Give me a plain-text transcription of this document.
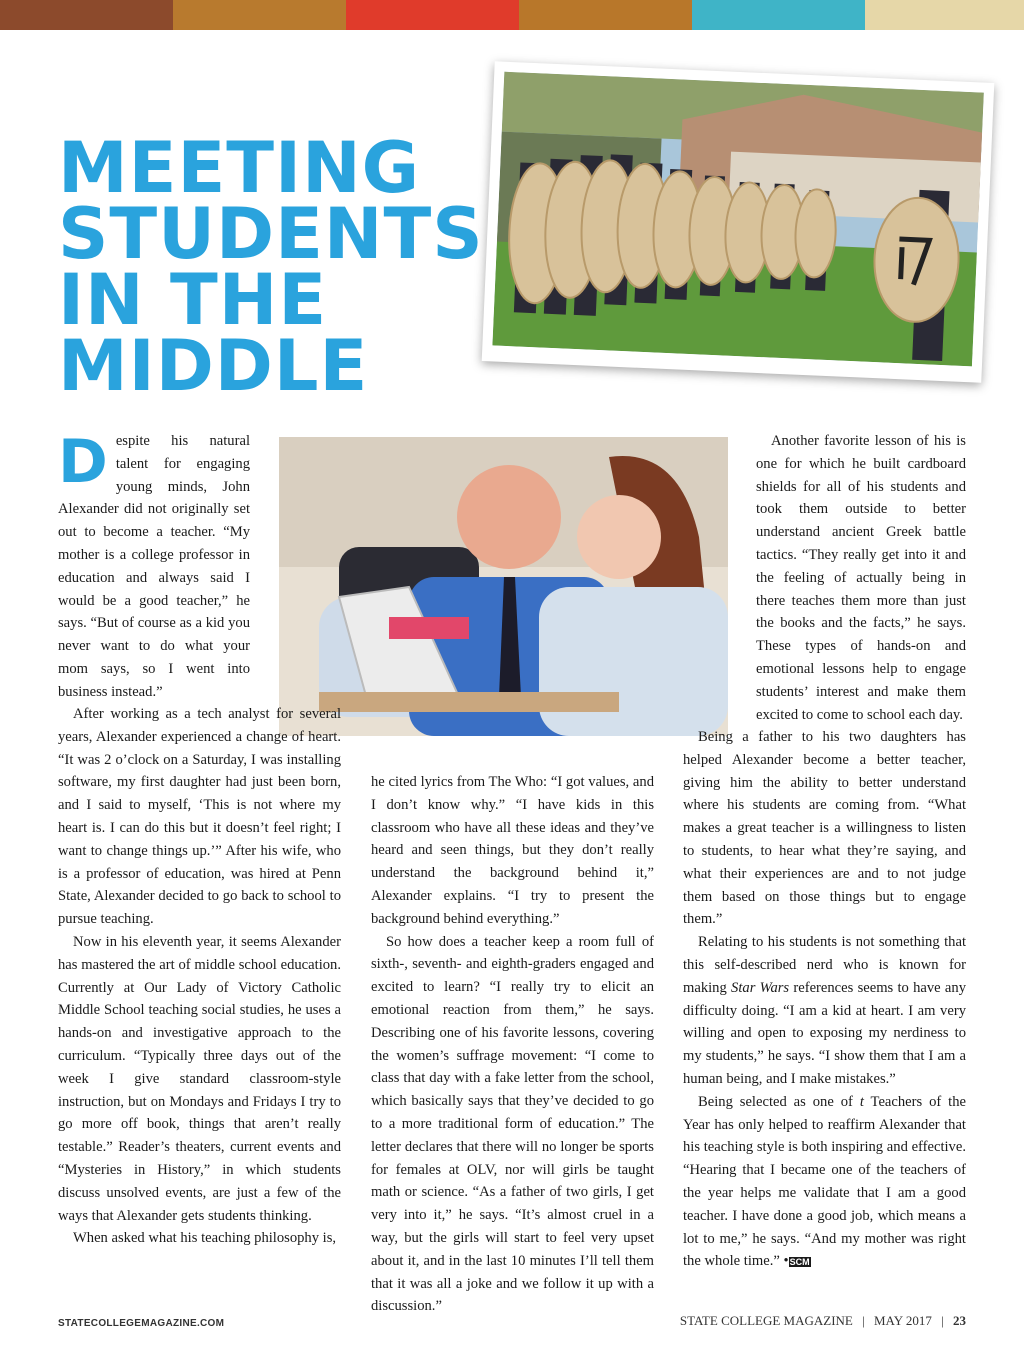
MEETING
STUDENTS
IN THE
MIDDLE
D espite his natural talent for engaging young minds, John Alexander did not originally set out to become a teacher. “My mother is a college professor in education and always said I would be a good teacher,” he says. “But of course as a kid you never want to do what your mom says, so I went into business instead.”

After working as a tech analyst for several years, Alexander experienced a change of heart. “It was 2 o’clock on a Saturday, I was installing software, my first daughter had just been born, and I said to myself, ‘This is not where my heart is. I can do this but it doesn’t feel right; I want to change things up.’” After his wife, who is a professor of education, was hired at Penn State, Alexander decided to go back to school to pursue teaching.

Now in his eleventh year, it seems Alexander has mastered the art of middle school education. Currently at Our Lady of Victory Catholic Middle School teaching social studies, he uses a hands-on and investigative approach to the curriculum. “Typically three days out of the week I give standard classroom-style instruction, but on Mondays and Fridays I try to go more off book, things that aren’t really testable.” Reader’s theaters, current events and “Mysteries in History,” in which students discuss unsolved events, are just a few of the ways that Alexander gets students thinking.

When asked what his teaching philosophy is,

he cited lyrics from The Who: “I got values, and I don’t know why.” “I have kids in this classroom who have all these ideas and they’ve heard and seen things, but they don’t really understand the background behind it,” Alexander explains. “I try to present the background behind everything.”

So how does a teacher keep a room full of sixth-, seventh- and eighth-graders engaged and excited to learn? “I really try to elicit an emotional reaction from them,” he says. Describing one of his favorite lessons, covering the women’s suffrage movement: “I come to class that day with a fake letter from the school, which basically says that they’ve decided to go to a more traditional form of education.” The letter declares that there will no longer be sports for females at OLV, nor will girls be taught math or science. “As a father of two girls, I get very into it,” he says. “It’s almost cruel in a way, but the girls will start to feel very upset about it, and in the last 10 minutes I’ll tell them that it was all a joke and we follow it up with a discussion.”

Another favorite lesson of his is one for which he built cardboard shields for all of his students and took them outside to better understand ancient Greek battle tactics. “They really get into it and the feeling of actually being in there teaches them more than just the books and the facts,” he says. These types of hands-on and emotional lessons help to engage students’ interest and make them excited to come to school each day.

Being a father to his two daughters has helped Alexander become a better teacher, giving him the ability to better understand where his students are coming from. “What makes a great teacher is a willingness to listen to students, to hear what they’re saying, and what their experiences are and to not judge them based on those things but to engage them.”

Relating to his students is not something that this self-described nerd who is known for making Star Wars references seems to have any difficulty doing. “I am a kid at heart. I am very willing and open to exposing my nerdiness to my students,” he says. “I show them that I am a human being, and I make mistakes.”

Being selected as one of t Teachers of the Year has only helped to reaffirm Alexander that his teaching style is both inspiring and effective. “Hearing that I became one of the teachers of the year helps me validate that I am a good teacher. I have done a good job, which means a lot to me,” he says. “And my mother was right the whole time.” •SCM

STATECOLLEGEMAGAZINE.COM	STATE COLLEGE MAGAZINE | MAY 2017 | 23
